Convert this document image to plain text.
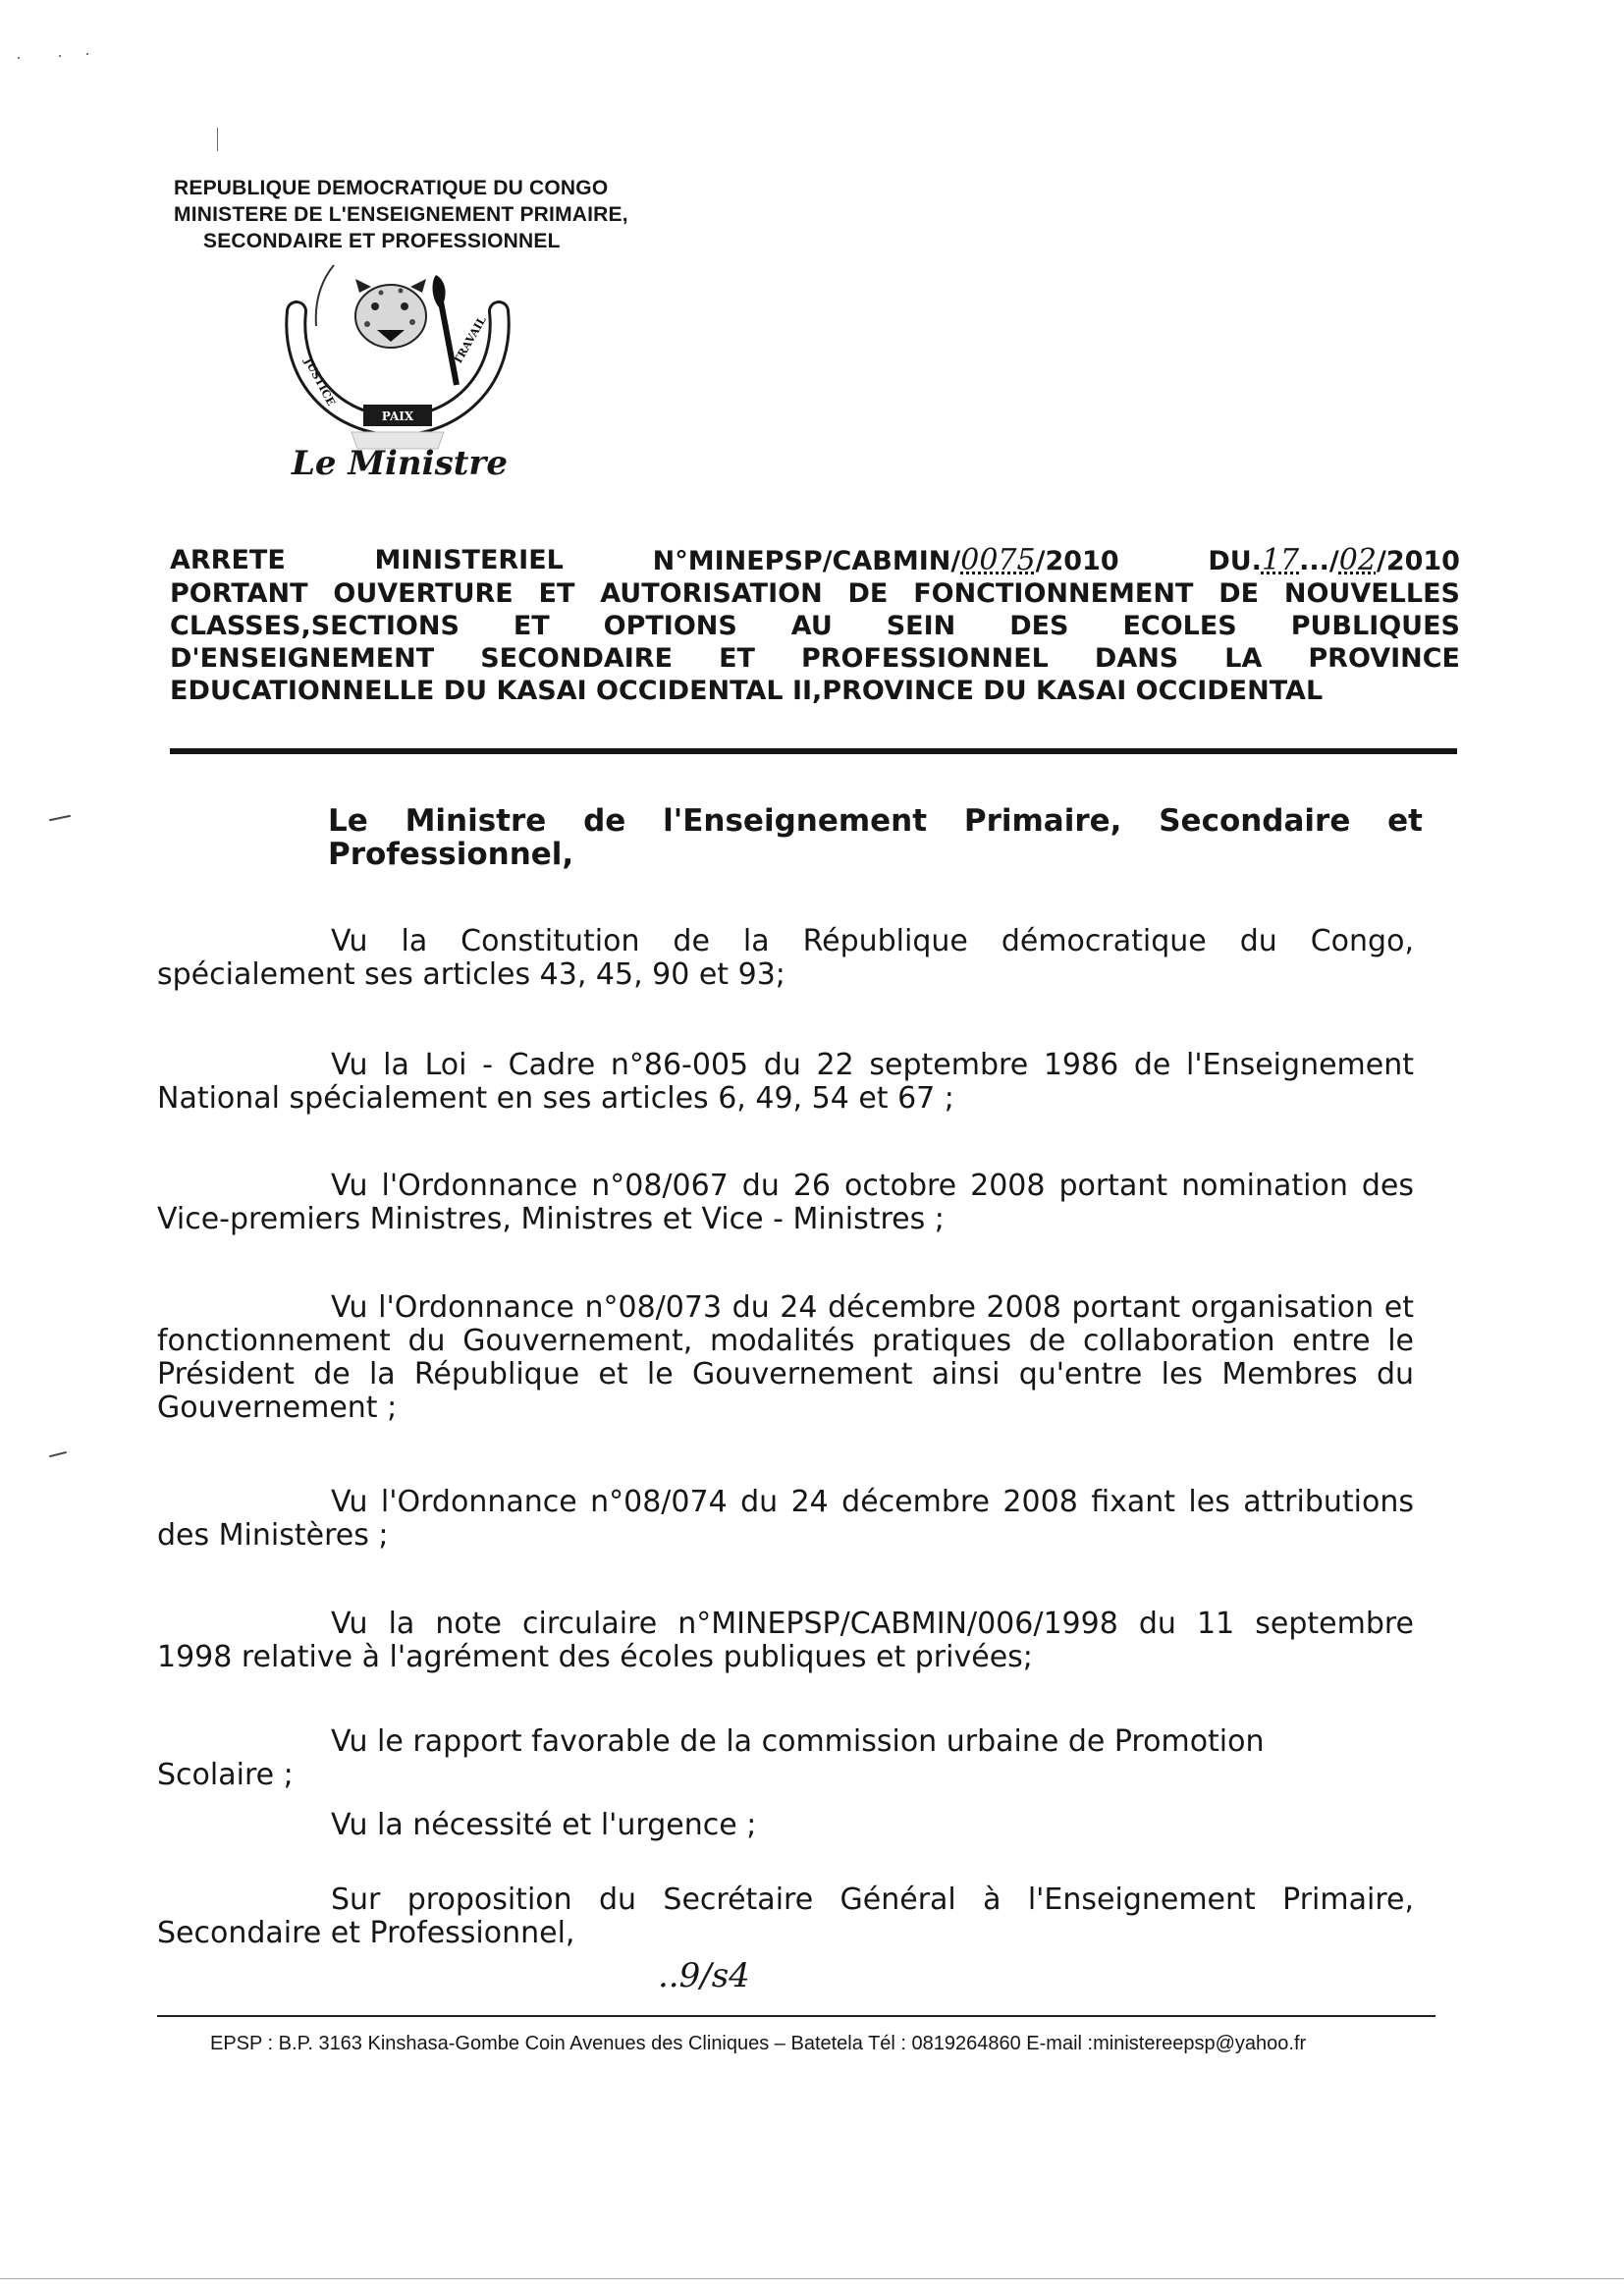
REPUBLIQUE DEMOCRATIQUE DU CONGO
MINISTERE DE L'ENSEIGNEMENT PRIMAIRE,
SECONDAIRE ET PROFESSIONNEL
JUSTICE
TRAVAIL
PAIX
Le Ministre
ARRETE	MINISTERIEL	N°MINEPSP/CABMIN/0075/2010	DU.17.../02/2010
PORTANT OUVERTURE ET AUTORISATION DE FONCTIONNEMENT DE NOUVELLES
CLASSES,SECTIONS ET OPTIONS AU SEIN DES ECOLES PUBLIQUES
D'ENSEIGNEMENT SECONDAIRE ET PROFESSIONNEL DANS LA PROVINCE
EDUCATIONNELLE DU KASAI OCCIDENTAL II,PROVINCE DU KASAI OCCIDENTAL
Le Ministre de l'Enseignement Primaire, Secondaire et Professionnel,
Vu la Constitution de la République démocratique du Congo, spécialement ses articles 43, 45, 90 et 93;
Vu la Loi - Cadre n°86-005 du 22 septembre 1986 de l'Enseignement National spécialement en ses articles 6, 49, 54 et 67 ;
Vu l'Ordonnance n°08/067 du 26 octobre 2008 portant nomination des Vice-premiers Ministres, Ministres et Vice - Ministres ;
Vu l'Ordonnance n°08/073 du 24 décembre 2008 portant organisation et fonctionnement du Gouvernement, modalités pratiques de collaboration entre le Président de la République et le Gouvernement ainsi qu'entre les Membres du Gouvernement ;
Vu l'Ordonnance n°08/074 du 24 décembre 2008 fixant les attributions des Ministères ;
Vu la note circulaire n°MINEPSP/CABMIN/006/1998 du 11 septembre 1998 relative à l'agrément des écoles publiques et privées;
Vu le rapport favorable de la commission urbaine de Promotion
Scolaire ;
Vu la nécessité et l'urgence ;
Sur proposition du Secrétaire Général à l'Enseignement Primaire, Secondaire et Professionnel,
..9/s4
EPSP : B.P. 3163 Kinshasa-Gombe Coin Avenues des Cliniques – Batetela Tél : 0819264860 E-mail :ministereepsp@yahoo.fr
